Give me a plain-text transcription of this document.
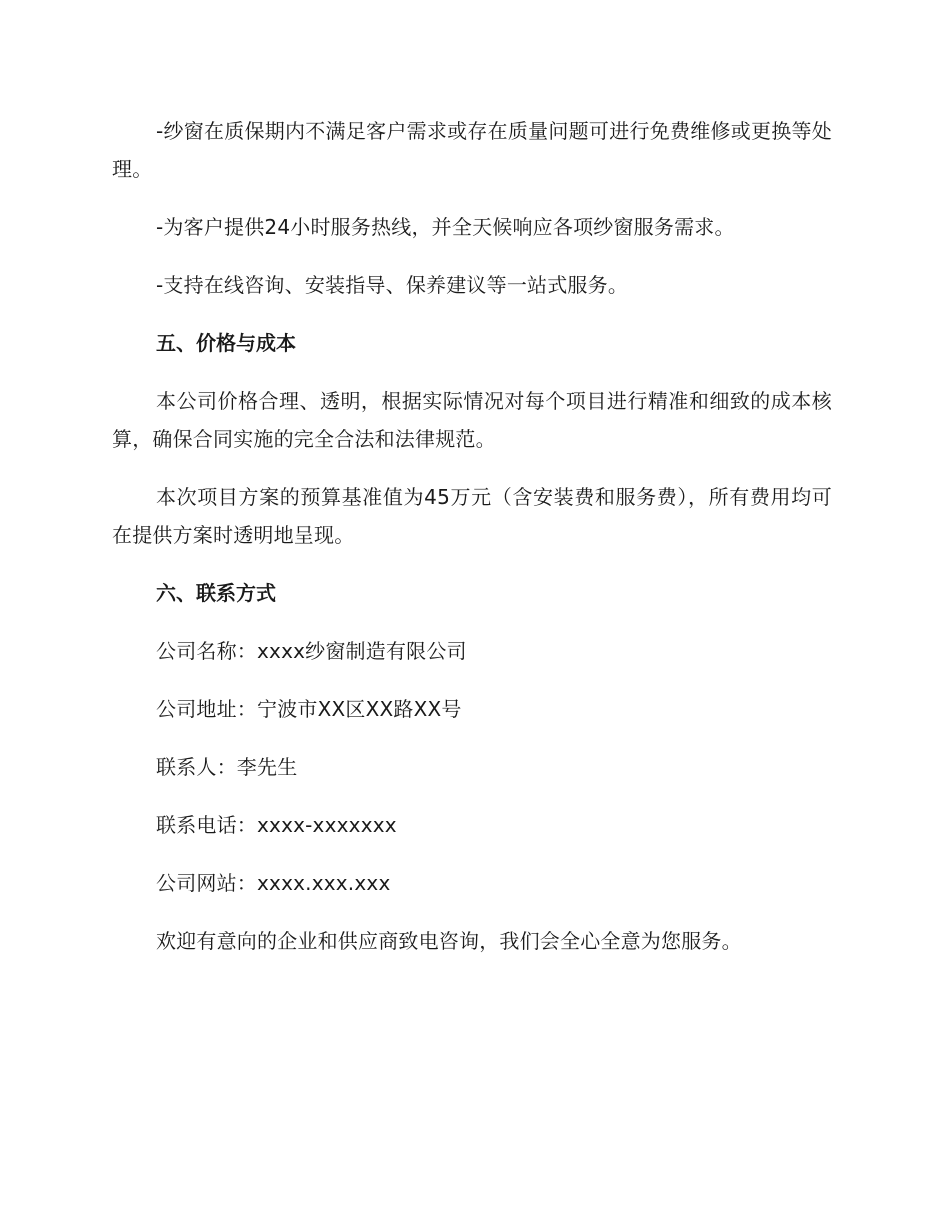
-纱窗在质保期内不满足客户需求或存在质量问题可进行免费维修或更换等处理。

-为客户提供24小时服务热线，并全天候响应各项纱窗服务需求。

-支持在线咨询、安装指导、保养建议等一站式服务。

五、价格与成本

本公司价格合理、透明，根据实际情况对每个项目进行精准和细致的成本核算，确保合同实施的完全合法和法律规范。

本次项目方案的预算基准值为45万元（含安装费和服务费），所有费用均可在提供方案时透明地呈现。

六、联系方式

公司名称：xxxx纱窗制造有限公司

公司地址：宁波市XX区XX路XX号

联系人：李先生

联系电话：xxxx-xxxxxxx

公司网站：xxxx.xxx.xxx

欢迎有意向的企业和供应商致电咨询，我们会全心全意为您服务。
